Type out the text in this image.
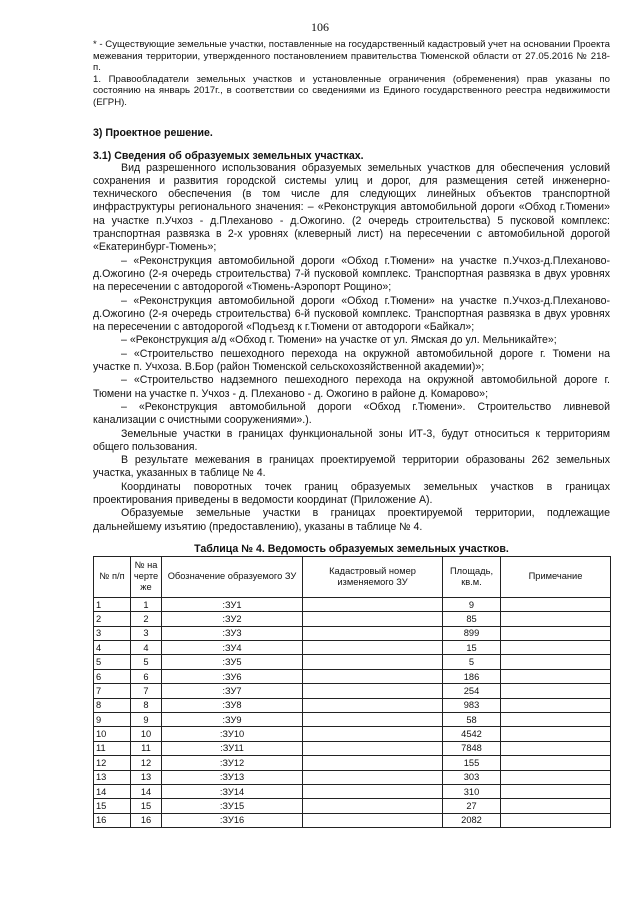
106

* - Существующие земельные участки, поставленные на государственный кадастровый учет на основании Проекта межевания территории, утвержденного постановлением правительства Тюменской области от 27.05.2016 № 218-п.

1. Правообладатели земельных участков и установленные ограничения (обременения) прав указаны по состоянию на январь 2017г., в соответствии со сведениями из Единого государственного реестра недвижимости (ЕГРН).

3) Проектное решение.

3.1) Сведения об образуемых земельных участках.

Вид разрешенного использования образуемых земельных участков для обеспечения условий сохранения и развития городской системы улиц и дорог, для размещения сетей инженерно-технического обеспечения (в том числе для следующих линейных объектов транспортной инфраструктуры регионального значения: – «Реконструкция автомобильной дороги «Обход г.Тюмени» на участке п.Учхоз - д.Плеханово - д.Ожогино. (2 очередь строительства) 5 пусковой комплекс: транспортная развязка в 2-х уровнях (клеверный лист) на пересечении с автомобильной дорогой «Екатеринбург-Тюмень»;

– «Реконструкция автомобильной дороги «Обход г.Тюмени» на участке п.Учхоз-д.Плеханово-д.Ожогино (2-я очередь строительства) 7-й пусковой комплекс. Транспортная развязка в двух уровнях на пересечении с автодорогой «Тюмень-Аэропорт Рощино»;

– «Реконструкция автомобильной дороги «Обход г.Тюмени» на участке п.Учхоз-д.Плеханово-д.Ожогино (2-я очередь строительства) 6-й пусковой комплекс. Транспортная развязка в двух уровнях на пересечении с автодорогой «Подъезд к г.Тюмени от автодороги «Байкал»;

– «Реконструкция а/д «Обход г. Тюмени» на участке от ул. Ямская до ул. Мельникайте»;

– «Строительство пешеходного перехода на окружной автомобильной дороге г. Тюмени на участке п. Учхоза. В.Бор (район Тюменской сельскохозяйственной академии)»;

– «Строительство надземного пешеходного перехода на окружной автомобильной дороге г. Тюмени на участке п. Учхоз - д. Плеханово - д. Ожогино в районе д. Комарово»;

– «Реконструкция автомобильной дороги «Обход г.Тюмени». Строительство ливневой канализации с очистными сооружениями».).

Земельные участки в границах функциональной зоны ИТ-3, будут относиться к территориям общего пользования.

В результате межевания в границах проектируемой территории образованы 262 земельных участка, указанных в таблице № 4.

Координаты поворотных точек границ образуемых земельных участков в границах проектирования приведены в ведомости координат (Приложение А).

Образуемые земельные участки в границах проектируемой территории, подлежащие дальнейшему изъятию (предоставлению), указаны в таблице № 4.

Таблица № 4. Ведомость образуемых земельных участков.

№ п/п	№ на черте же	Обозначение образуемого ЗУ	Кадастровый номер изменяемого ЗУ	Площадь, кв.м.	Примечание
1	1	:ЗУ1		9	
2	2	:ЗУ2		85	
3	3	:ЗУ3		899	
4	4	:ЗУ4		15	
5	5	:ЗУ5		5	
6	6	:ЗУ6		186	
7	7	:ЗУ7		254	
8	8	:ЗУ8		983	
9	9	:ЗУ9		58	
10	10	:ЗУ10		4542	
11	11	:ЗУ11		7848	
12	12	:ЗУ12		155	
13	13	:ЗУ13		303	
14	14	:ЗУ14		310	
15	15	:ЗУ15		27	
16	16	:ЗУ16		2082	
